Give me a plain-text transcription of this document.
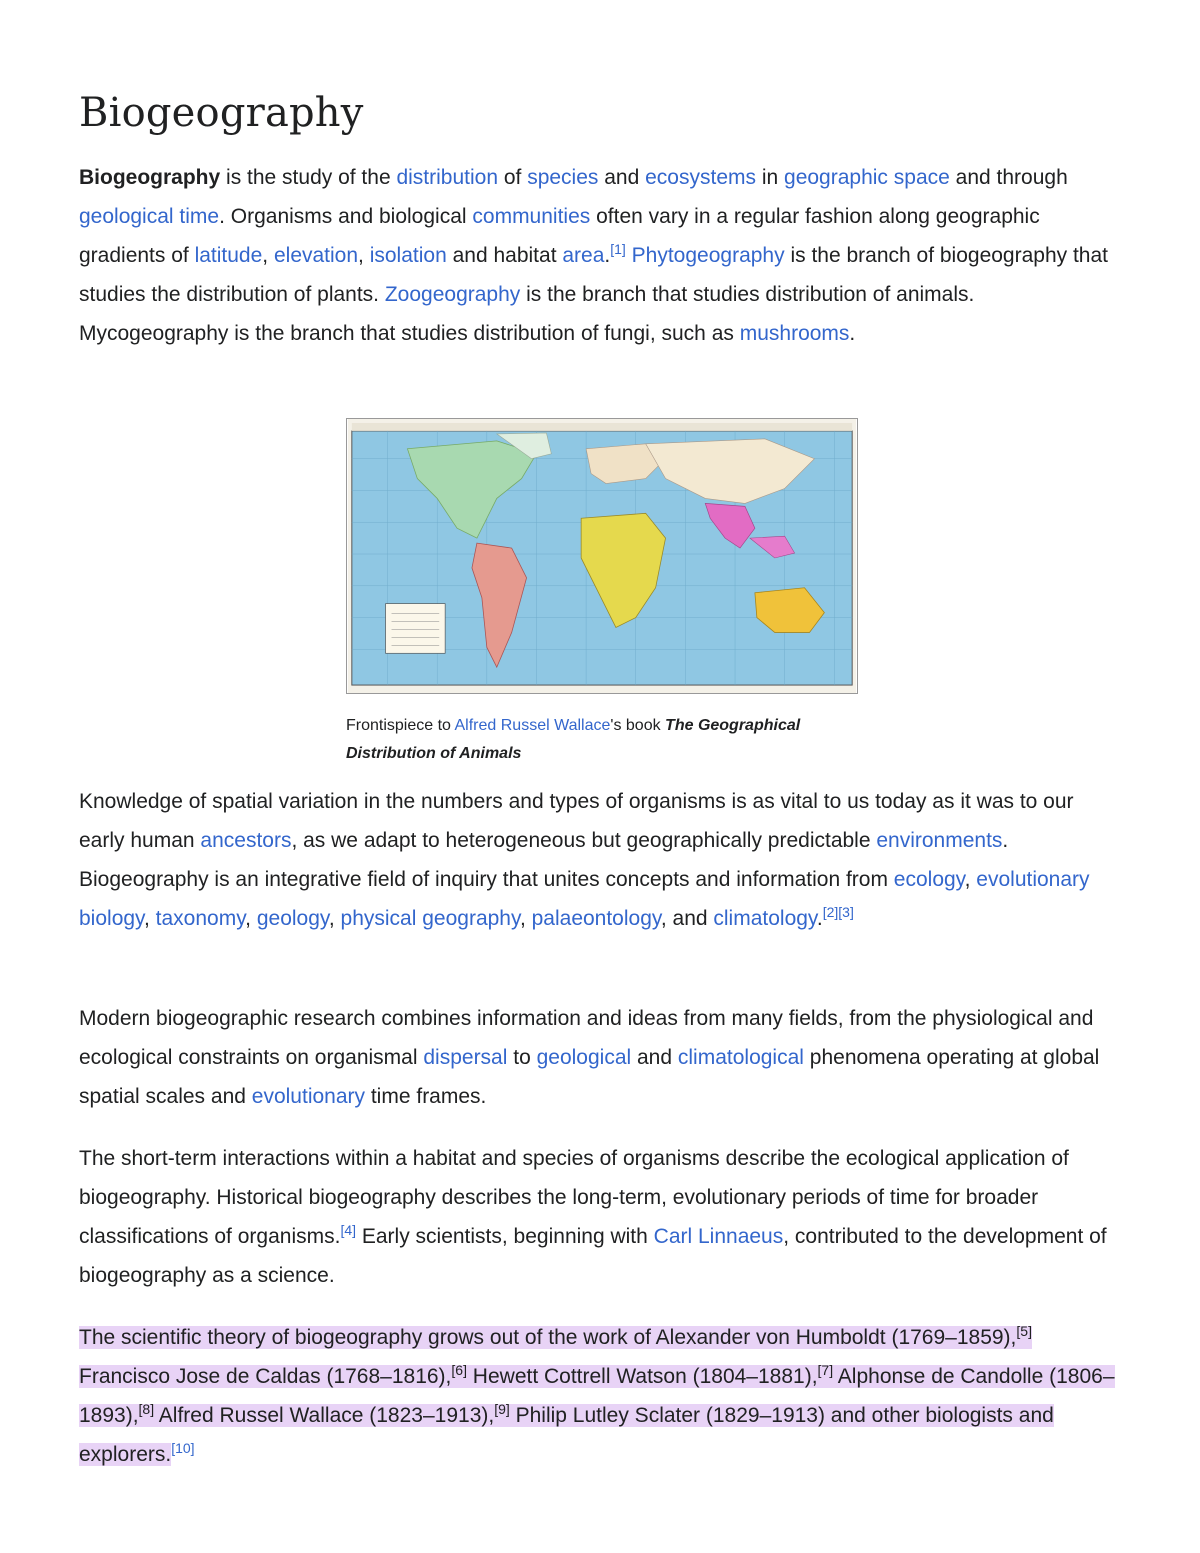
Biogeography

Biogeography is the study of the distribution of species and ecosystems in geographic space and through geological time. Organisms and biological communities often vary in a regular fashion along geographic gradients of latitude, elevation, isolation and habitat area.[1] Phytogeography is the branch of biogeography that studies the distribution of plants. Zoogeography is the branch that studies distribution of animals. Mycogeography is the branch that studies distribution of fungi, such as mushrooms.

Frontispiece to Alfred Russel Wallace's book The Geographical Distribution of Animals

Knowledge of spatial variation in the numbers and types of organisms is as vital to us today as it was to our early human ancestors, as we adapt to heterogeneous but geographically predictable environments. Biogeography is an integrative field of inquiry that unites concepts and information from ecology, evolutionary biology, taxonomy, geology, physical geography, palaeontology, and climatology.[2][3]

Modern biogeographic research combines information and ideas from many fields, from the physiological and ecological constraints on organismal dispersal to geological and climatological phenomena operating at global spatial scales and evolutionary time frames.

The short-term interactions within a habitat and species of organisms describe the ecological application of biogeography. Historical biogeography describes the long-term, evolutionary periods of time for broader classifications of organisms.[4] Early scientists, beginning with Carl Linnaeus, contributed to the development of biogeography as a science.

The scientific theory of biogeography grows out of the work of Alexander von Humboldt (1769–1859),[5] Francisco Jose de Caldas (1768–1816),[6] Hewett Cottrell Watson (1804–1881),[7] Alphonse de Candolle (1806–1893),[8] Alfred Russel Wallace (1823–1913),[9] Philip Lutley Sclater (1829–1913) and other biologists and explorers.[10]
